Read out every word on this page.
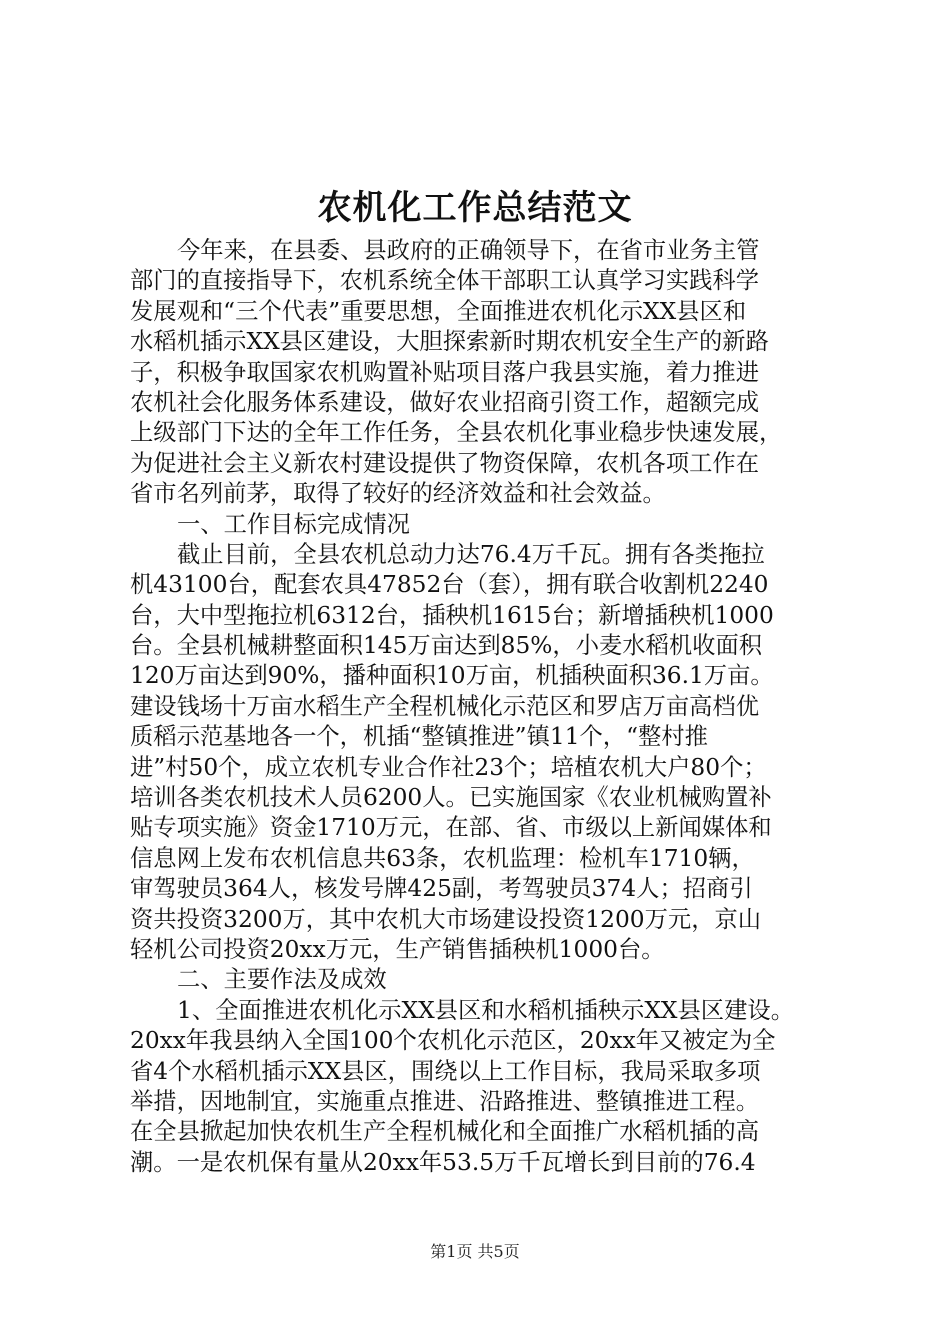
农机化工作总结范文
今年来，在县委、县政府的正确领导下，在省市业务主管
部门的直接指导下，农机系统全体干部职工认真学习实践科学
发展观和“三个代表”重要思想，全面推进农机化示XX县区和
水稻机插示XX县区建设，大胆探索新时期农机安全生产的新路
子，积极争取国家农机购置补贴项目落户我县实施，着力推进
农机社会化服务体系建设，做好农业招商引资工作，超额完成
上级部门下达的全年工作任务，全县农机化事业稳步快速发展，
为促进社会主义新农村建设提供了物资保障，农机各项工作在
省市名列前茅，取得了较好的经济效益和社会效益。
一、工作目标完成情况
截止目前，全县农机总动力达76.4万千瓦。拥有各类拖拉
机43100台，配套农具47852台（套），拥有联合收割机2240
台，大中型拖拉机6312台，插秧机1615台；新增插秧机1000
台。全县机械耕整面积145万亩达到85%，小麦水稻机收面积
120万亩达到90%，播种面积10万亩，机插秧面积36.1万亩。
建设钱场十万亩水稻生产全程机械化示范区和罗店万亩高档优
质稻示范基地各一个，机插“整镇推进”镇11个，“整村推
进”村50个，成立农机专业合作社23个；培植农机大户80个；
培训各类农机技术人员6200人。已实施国家《农业机械购置补
贴专项实施》资金1710万元，在部、省、市级以上新闻媒体和
信息网上发布农机信息共63条，农机监理：检机车1710辆，
审驾驶员364人，核发号牌425副，考驾驶员374人；招商引
资共投资3200万，其中农机大市场建设投资1200万元，京山
轻机公司投资20xx万元，生产销售插秧机1000台。
二、主要作法及成效
1、全面推进农机化示XX县区和水稻机插秧示XX县区建设。
20xx年我县纳入全国100个农机化示范区，20xx年又被定为全
省4个水稻机插示XX县区，围绕以上工作目标，我局采取多项
举措，因地制宜，实施重点推进、沿路推进、整镇推进工程。
在全县掀起加快农机生产全程机械化和全面推广水稻机插的高
潮。一是农机保有量从20xx年53.5万千瓦增长到目前的76.4
第1页 共5页
